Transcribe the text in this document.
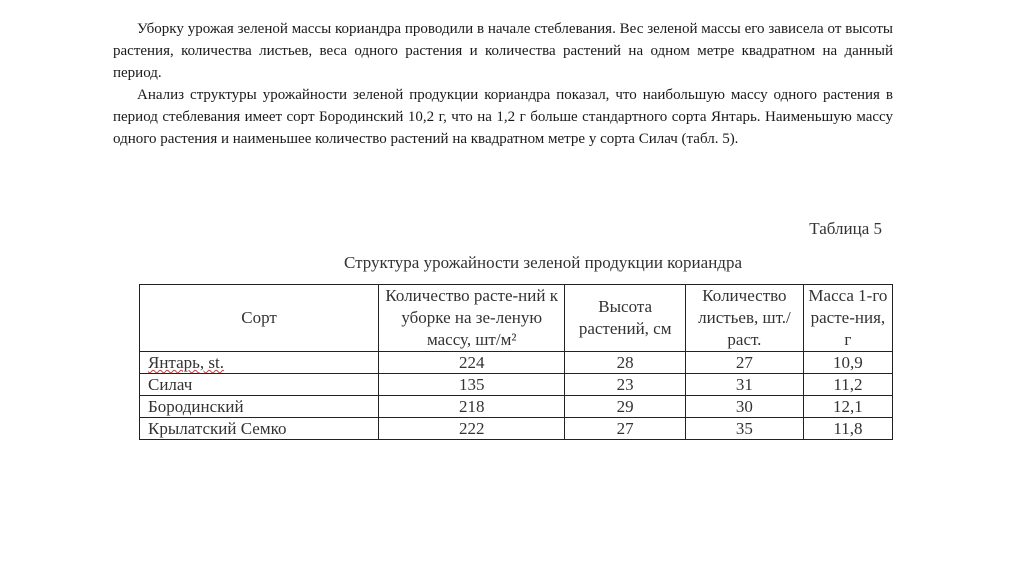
Уборку урожая зеленой массы кориандра проводили в начале стеблевания. Вес зеленой массы его зависела от высоты растения, количества листьев, веса одного растения и количества растений на одном метре квадратном на данный период.

Анализ структуры урожайности зеленой продукции кориандра показал, что наибольшую массу одного растения в период стеблевания имеет сорт Бородинский 10,2 г, что на 1,2 г больше стандартного сорта Янтарь. Наименьшую массу одного растения и наименьшее количество растений на квадратном метре у сорта Силач (табл. 5).

Таблица 5
Структура урожайности зеленой продукции кориандра
Сорт	Количество расте-ний к уборке на зе-леную массу, шт/м²	Высота растений, см	Количество листьев, шт./раст.	Масса 1-го расте-ния, г
Янтарь, st.	224	28	27	10,9
Силач	135	23	31	11,2
Бородинский	218	29	30	12,1
Крылатский Семко	222	27	35	11,8
